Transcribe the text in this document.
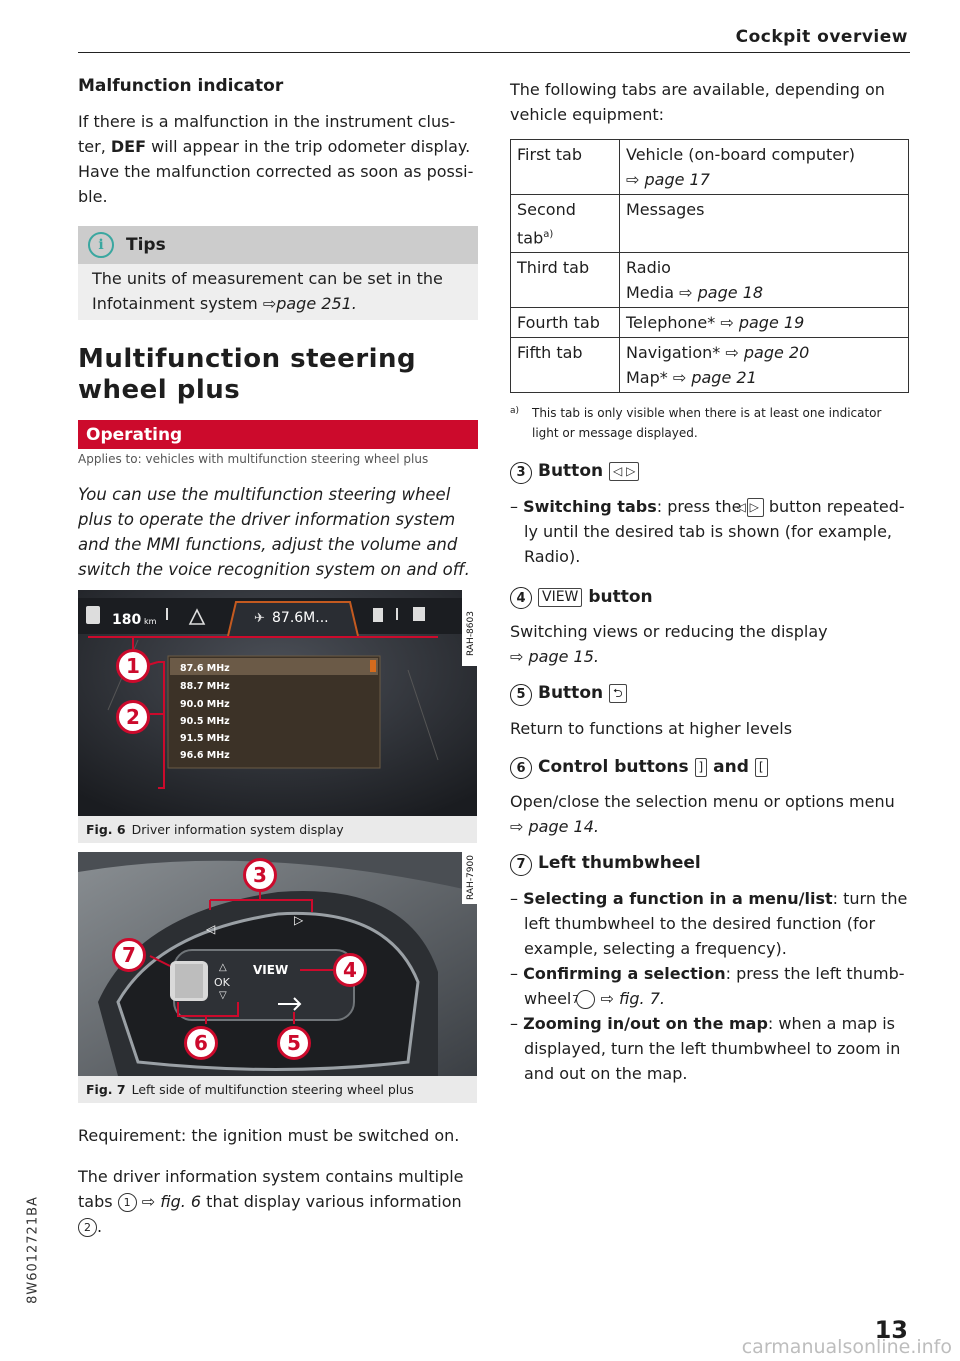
Cockpit overview

Malfunction indicator

If there is a malfunction in the instrument clus-
ter, DEF will appear in the trip odometer display.
Have the malfunction corrected as soon as possi-
ble.

i	Tips

The units of measurement can be set in the
Infotainment system ⇨page 251.

Multifunction steering
wheel plus
Operating
Applies to: vehicles with multifunction steering wheel plus
You can use the multifunction steering wheel
plus to operate the driver information system
and the MMI functions, adjust the volume and
switch the voice recognition system on and off.
180 km	✈ 87.6M...	RAH-8603
87.6 MHz
88.7 MHz
90.0 MHz
90.5 MHz
91.5 MHz
96.6 MHz
1
2
Fig. 6 Driver information system display
△
OK
▽
VIEW
◁
▷
RAH-7900
3
4
5
6
7
Fig. 7 Left side of multifunction steering wheel plus

Requirement: the ignition must be switched on.

The driver information system contains multiple
tabs 1 ⇨ fig. 6 that display various information
2 .

The following tabs are available, depending on
vehicle equipment:

First tab	Vehicle (on-board computer)
⇨ page 17
Second
tab$^{a)}$	Messages
Third tab	Radio
Media ⇨ page 18
Fourth tab	Telephone* ⇨ page 19
Fifth tab	Navigation* ⇨ page 20
Map* ⇨ page 21
a) This tab is only visible when there is at least one indicator
light or message displayed.

3 Button ◁ ▷

– Switching tabs: press the ◁ ▷ button repeated-
ly until the desired tab is shown (for example,
Radio).

4 VIEW button

Switching views or reducing the display
⇨ page 15.

5 Button ⮌

Return to functions at higher levels

6 Control buttons ] and [

Open/close the selection menu or options menu
⇨ page 14.

7 Left thumbwheel

– Selecting a function in a menu/list: turn the
left thumbwheel to the desired function (for
example, selecting a frequency).

– Confirming a selection: press the left thumb-
wheel 7 ⇨ fig. 7.

– Zooming in/out on the map: when a map is
displayed, turn the left thumbwheel to zoom in
and out on the map.

8W6012721BA
13
carmanualsonline.info
